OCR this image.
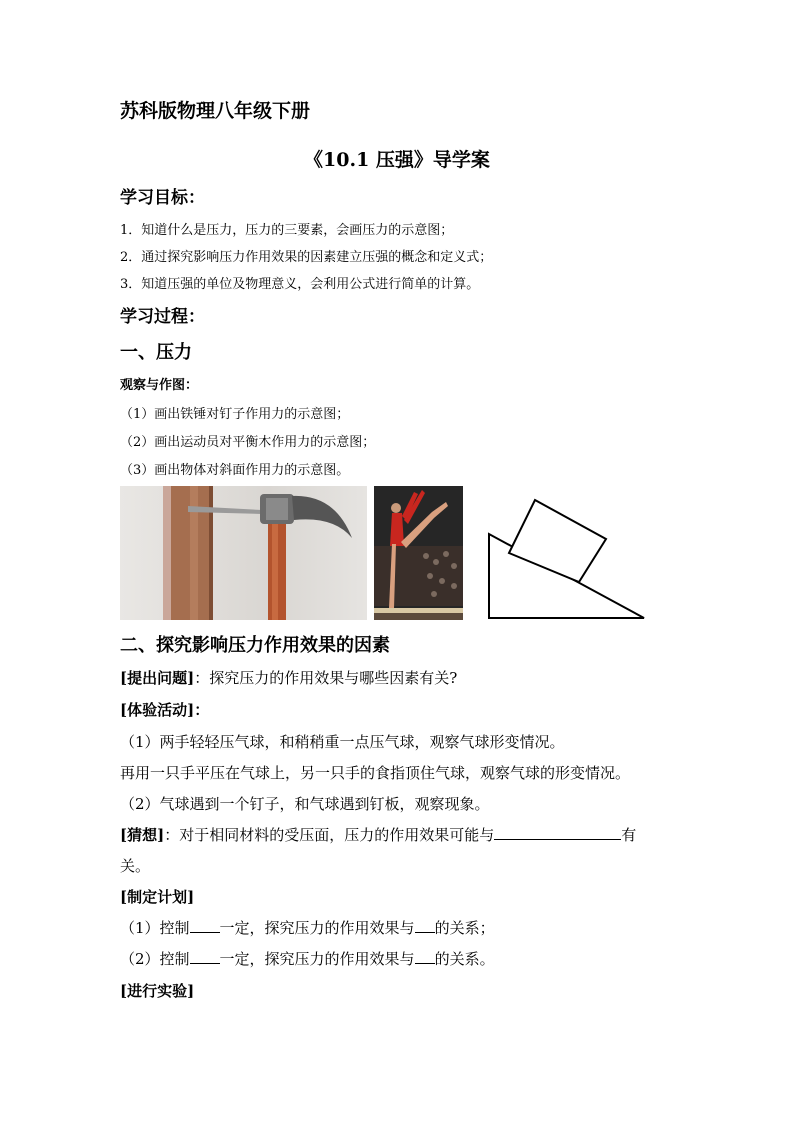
苏科版物理八年级下册
《10.1 压强》导学案
学习目标：
1．知道什么是压力，压力的三要素，会画压力的示意图；
2．通过探究影响压力作用效果的因素建立压强的概念和定义式；
3．知道压强的单位及物理意义，会利用公式进行简单的计算。
学习过程：
一、压力
观察与作图：
（1）画出铁锤对钉子作用力的示意图；
（2）画出运动员对平衡木作用力的示意图；
（3）画出物体对斜面作用力的示意图。
二、探究影响压力作用效果的因素
[提出问题]：探究压力的作用效果与哪些因素有关?
[体验活动]：
（1）两手轻轻压气球，和稍稍重一点压气球，观察气球形变情况。
再用一只手平压在气球上，另一只手的食指顶住气球，观察气球的形变情况。
（2）气球遇到一个钉子，和气球遇到钉板，观察现象。
[猜想]：对于相同材料的受压面，压力的作用效果可能与	有
关。
[制定计划]
（1）控制 一定，探究压力的作用效果与 的关系；
（2）控制 一定，探究压力的作用效果与 的关系。
[进行实验]
